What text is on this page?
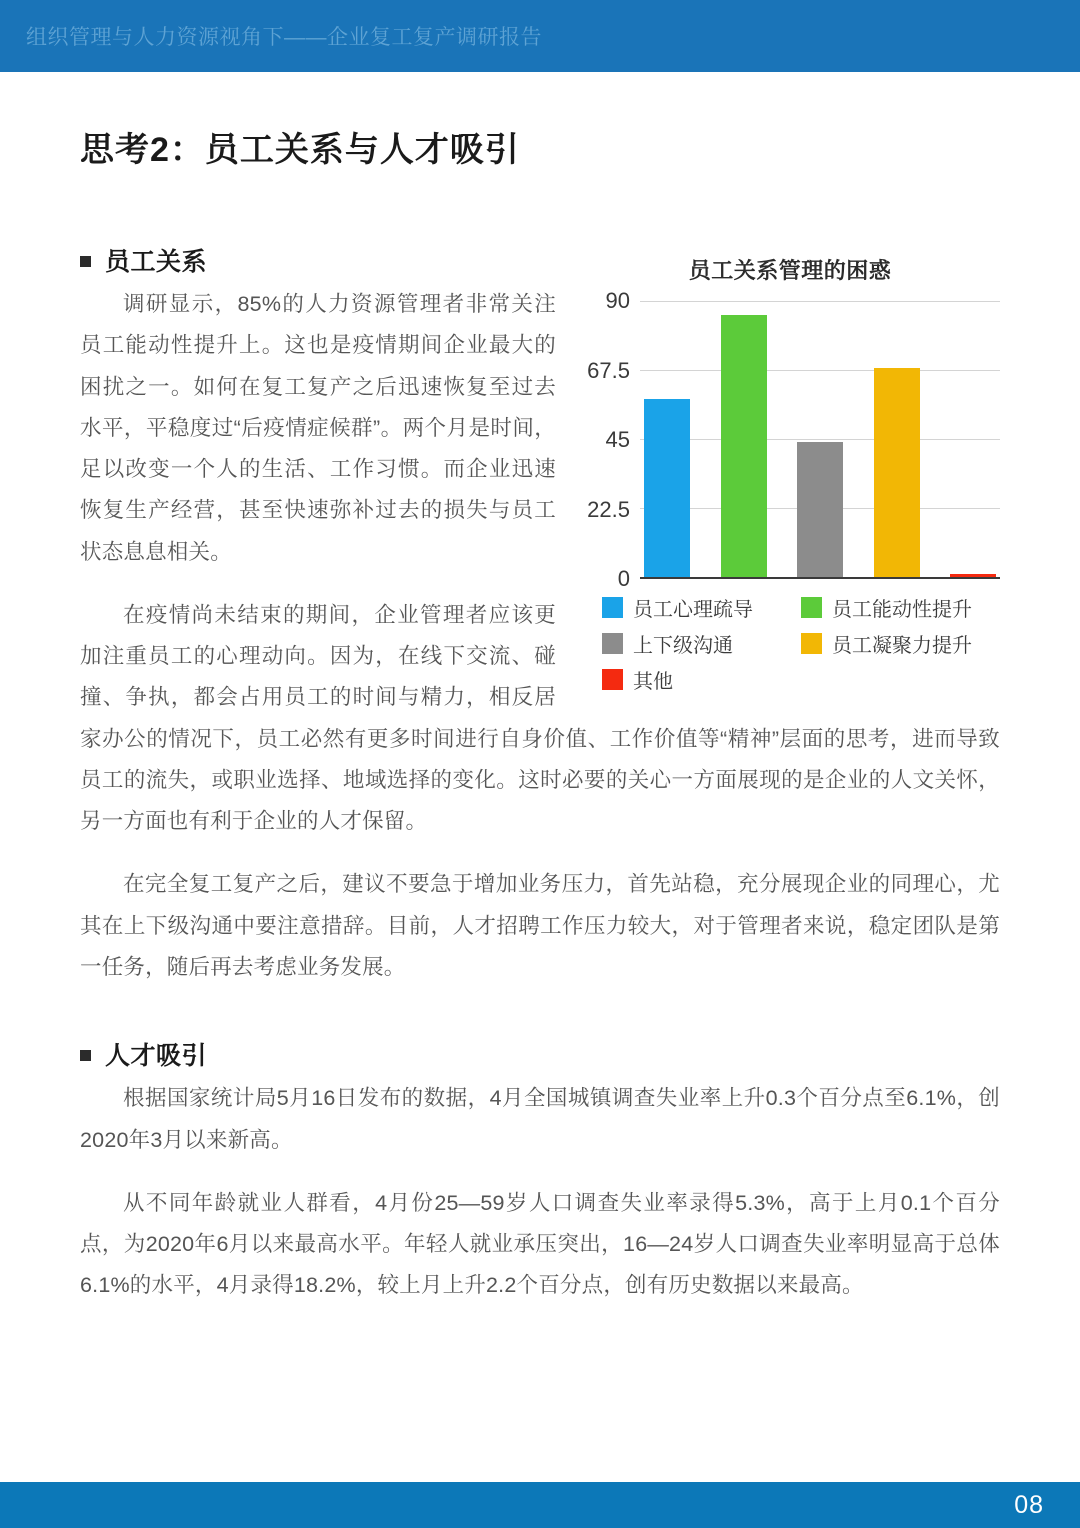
组织管理与人力资源视角下——企业复工复产调研报告
思考2：员工关系与人才吸引
员工关系管理的困惑
90
67.5
45
22.5
0
员工心理疏导	员工能动性提升
上下级沟通	员工凝聚力提升
其他
员工关系

调研显示，85%的人力资源管理者非常关注员工能动性提升上。这也是疫情期间企业最大的困扰之一。如何在复工复产之后迅速恢复至过去水平，平稳度过“后疫情症候群”。两个月是时间，足以改变一个人的生活、工作习惯。而企业迅速恢复生产经营，甚至快速弥补过去的损失与员工状态息息相关。

在疫情尚未结束的期间，企业管理者应该更加注重员工的心理动向。因为，在线下交流、碰撞、争执，都会占用员工的时间与精力，相反居家办公的情况下，员工必然有更多时间进行自身价值、工作价值等“精神”层面的思考，进而导致员工的流失，或职业选择、地域选择的变化。这时必要的关心一方面展现的是企业的人文关怀，另一方面也有利于企业的人才保留。

在完全复工复产之后，建议不要急于增加业务压力，首先站稳，充分展现企业的同理心，尤其在上下级沟通中要注意措辞。目前，人才招聘工作压力较大，对于管理者来说，稳定团队是第一任务，随后再去考虑业务发展。

人才吸引

根据国家统计局5月16日发布的数据，4月全国城镇调查失业率上升0.3个百分点至6.1%，创2020年3月以来新高。

从不同年龄就业人群看，4月份25—59岁人口调查失业率录得5.3%，高于上月0.1个百分点，为2020年6月以来最高水平。年轻人就业承压突出，16—24岁人口调查失业率明显高于总体6.1%的水平，4月录得18.2%，较上月上升2.2个百分点，创有历史数据以来最高。

08
